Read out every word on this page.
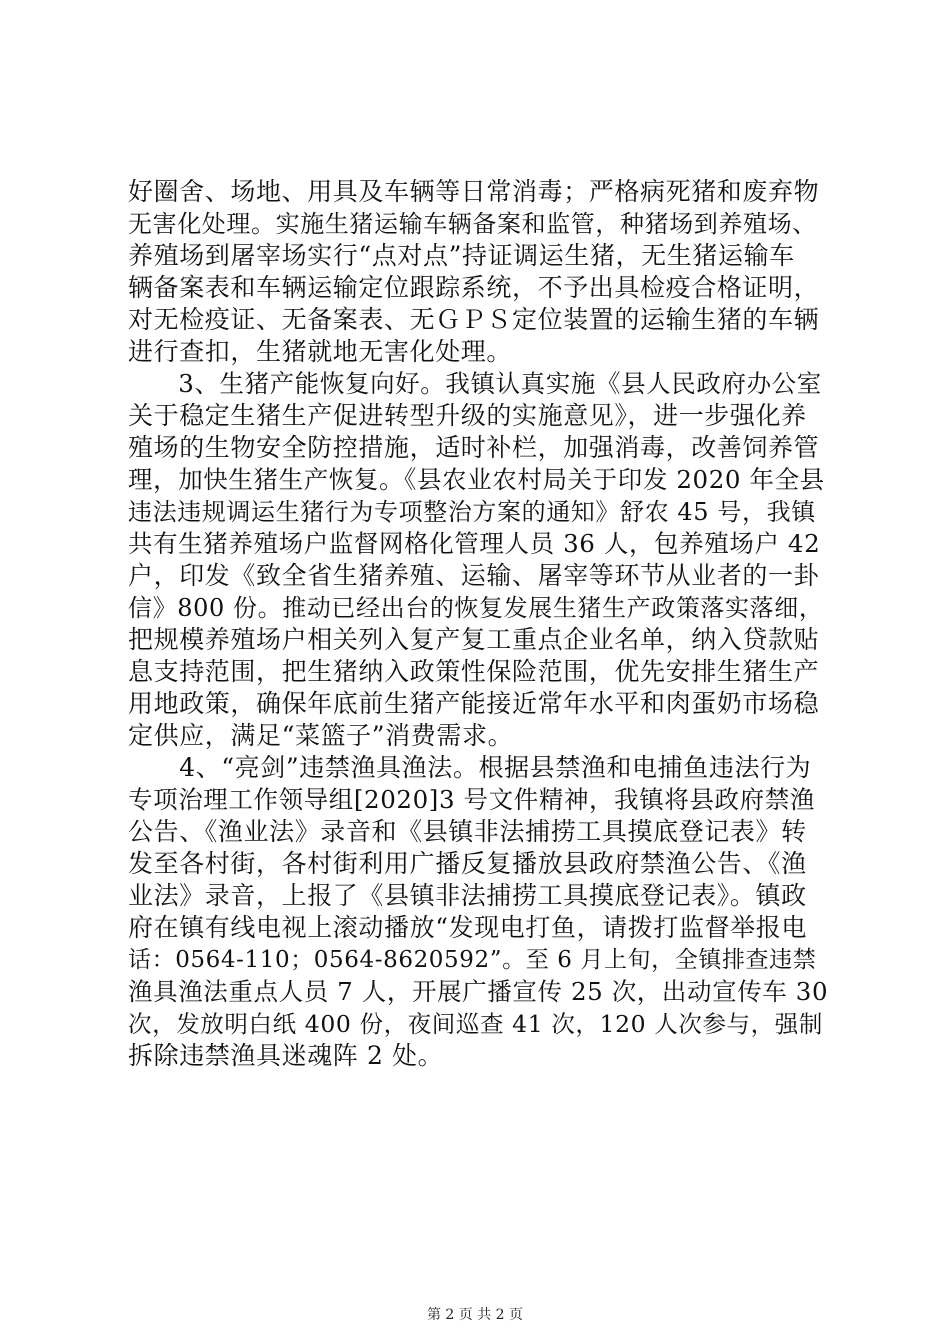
好圈舍、场地、用具及车辆等日常消毒；严格病死猪和废弃物
无害化处理。实施生猪运输车辆备案和监管，种猪场到养殖场、
养殖场到屠宰场实行“点对点”持证调运生猪，无生猪运输车
辆备案表和车辆运输定位跟踪系统，不予出具检疫合格证明，
对无检疫证、无备案表、无ＧＰＳ定位装置的运输生猪的车辆
进行查扣，生猪就地无害化处理。
　　3、生猪产能恢复向好。我镇认真实施《县人民政府办公室
关于稳定生猪生产促进转型升级的实施意见》，进一步强化养
殖场的生物安全防控措施，适时补栏，加强消毒，改善饲养管
理，加快生猪生产恢复。《县农业农村局关于印发 2020 年全县
违法违规调运生猪行为专项整治方案的通知》舒农 45 号，我镇
共有生猪养殖场户监督网格化管理人员 36 人，包养殖场户 42
户，印发《致全省生猪养殖、运输、屠宰等环节从业者的一卦
信》800 份。推动已经出台的恢复发展生猪生产政策落实落细，
把规模养殖场户相关列入复产复工重点企业名单，纳入贷款贴
息支持范围，把生猪纳入政策性保险范围，优先安排生猪生产
用地政策，确保年底前生猪产能接近常年水平和肉蛋奶市场稳
定供应，满足“菜篮子”消费需求。
　　4、“亮剑”违禁渔具渔法。根据县禁渔和电捕鱼违法行为
专项治理工作领导组[2020]3 号文件精神，我镇将县政府禁渔
公告、《渔业法》录音和《县镇非法捕捞工具摸底登记表》转
发至各村街，各村街利用广播反复播放县政府禁渔公告、《渔
业法》录音，上报了《县镇非法捕捞工具摸底登记表》。镇政
府在镇有线电视上滚动播放“发现电打鱼，请拨打监督举报电
话：0564-110；0564-8620592”。至 6 月上旬，全镇排查违禁
渔具渔法重点人员 7 人，开展广播宣传 25 次，出动宣传车 30
次，发放明白纸 400 份，夜间巡查 41 次，120 人次参与，强制
拆除违禁渔具迷魂阵 2 处。
第 2 页 共 2 页
